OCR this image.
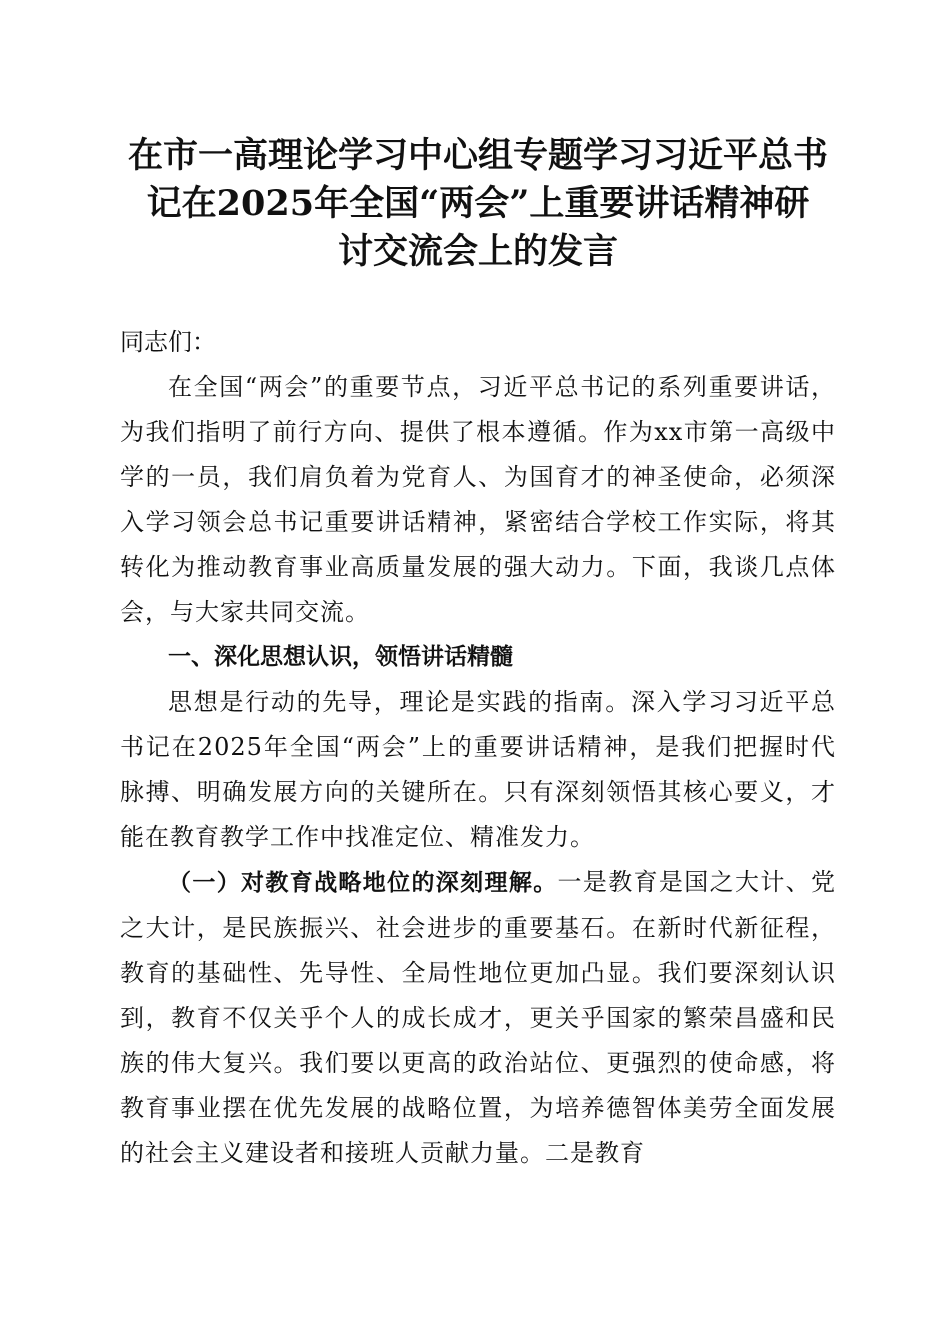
在市一高理论学习中心组专题学习习近平总书
记在2025年全国“两会”上重要讲话精神研
讨交流会上的发言
同志们：

在全国“两会”的重要节点，习近平总书记的系列重要讲话，为我们指明了前行方向、提供了根本遵循。作为xx市第一高级中学的一员，我们肩负着为党育人、为国育才的神圣使命，必须深入学习领会总书记重要讲话精神，紧密结合学校工作实际，将其转化为推动教育事业高质量发展的强大动力。下面，我谈几点体会，与大家共同交流。

一、深化思想认识，领悟讲话精髓

思想是行动的先导，理论是实践的指南。深入学习习近平总书记在2025年全国“两会”上的重要讲话精神，是我们把握时代脉搏、明确发展方向的关键所在。只有深刻领悟其核心要义，才能在教育教学工作中找准定位、精准发力。

（一）对教育战略地位的深刻理解。一是教育是国之大计、党之大计，是民族振兴、社会进步的重要基石。在新时代新征程，教育的基础性、先导性、全局性地位更加凸显。我们要深刻认识到，教育不仅关乎个人的成长成才，更关乎国家的繁荣昌盛和民族的伟大复兴。我们要以更高的政治站位、更强烈的使命感，将教育事业摆在优先发展的战略位置，为培养德智体美劳全面发展的社会主义建设者和接班人贡献力量。二是教育
